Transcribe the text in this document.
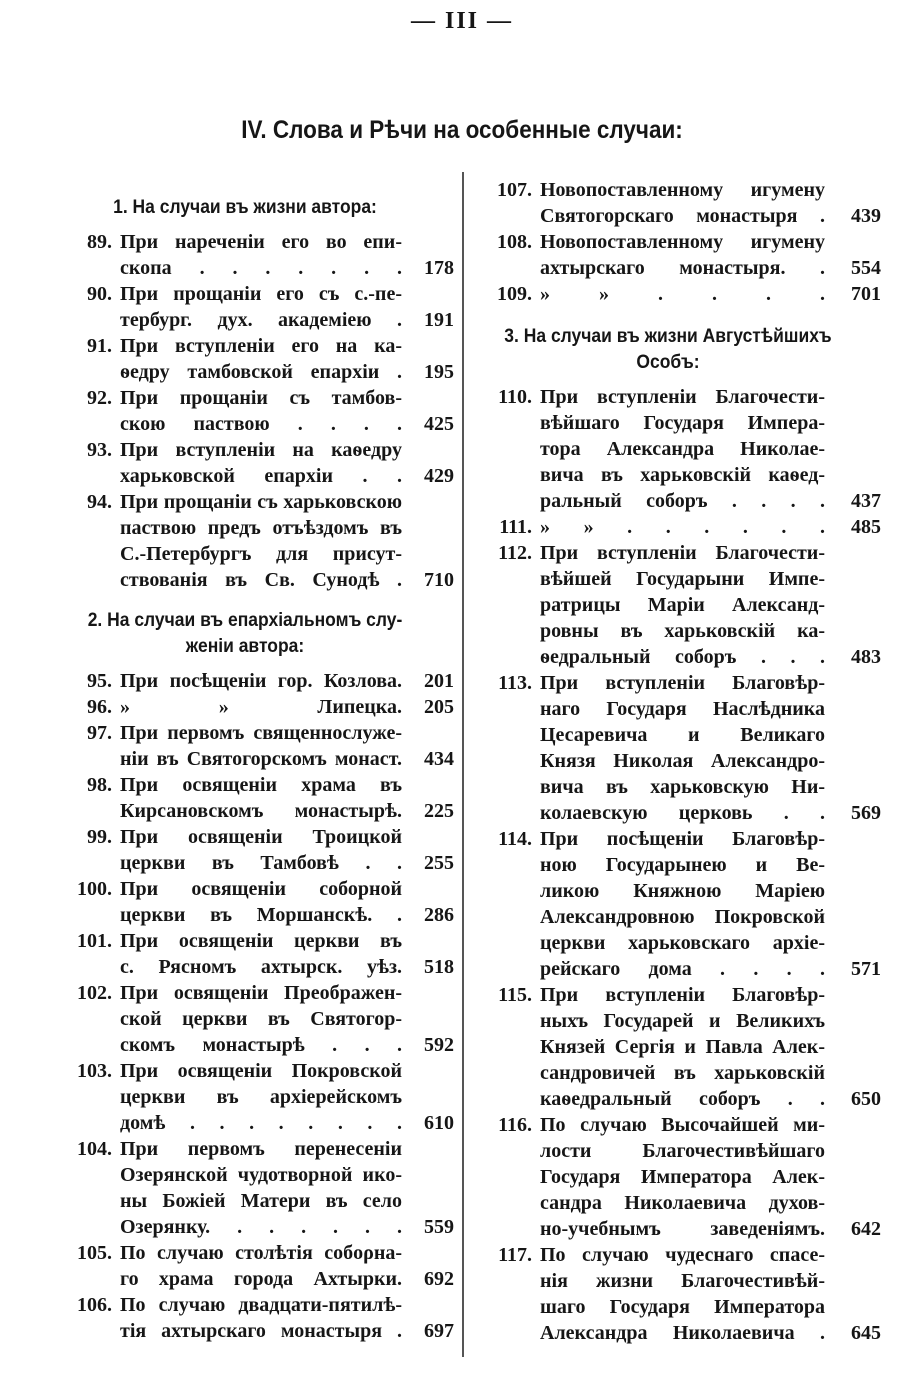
— III —
IV. Слова и Рѣчи на особенные случаи:
1. На случаи въ жизни автора:
89. При нареченіи его во епи-
скопа . . . . . . .	178
90. При прощаніи его съ с.-пе-
тербург. дух. академіею .	191
91. При вступленіи его на ка-
ѳедру тамбовской епархіи .	195
92. При прощаніи съ тамбов-
скою паствою . . . .	425
93. При вступленіи на каѳедру
харьковской епархіи . .	429
94. При прощаніи съ харьковскою
паствою предъ отъѣздомъ въ
С.-Петербургъ для присут-
ствованія въ Св. Сунодѣ .	710
2. На случаи въ епархіальномъ слу-
женіи автора:
95. При посѣщеніи гор. Козлова.	201
96. » » Липецка.	205
97. При первомъ священнослуже-
ніи въ Святогорскомъ монаст.	434
98. При освященіи храма въ
Кирсановскомъ монастырѣ.	225
99. При освященіи Троицкой
церкви въ Тамбовѣ . .	255
100. При освященіи соборной
церкви въ Моршанскѣ. .	286
101. При освященіи церкви въ
с. Рясномъ ахтырск. уѣз.	518
102. При освященіи Преображен-
ской церкви въ Святогор-
скомъ монастырѣ . . .	592
103. При освященіи Покровской
церкви въ архіерейскомъ
домѣ . . . . . . . .	610
104. При первомъ перенесеніи
Озерянской чудотворной ико-
ны Божіей Матери въ село
Озерянку. . . . . . .	559
105. По случаю столѣтія собορна-
го храма города Ахтырки.	692
106. По случаю двадцати-пятилѣ-
тія ахтырскаго монастыря .	697
107. Новопоставленному игумену
Святогорскаго монастыря .	439
108. Новопоставленному игумену
ахтырскаго монастыря. .	554
109. » » . . . .	701
3. На случаи въ жизни Августѣйшихъ
Особъ:
110. При вступленіи Благочести-
вѣйшаго Государя Импера-
тора Александра Николае-
вича въ харьковскій каѳед-
ральный соборъ . . . .	437
111. » » . . . . . .	485
112. При вступленіи Благочести-
вѣйшей Государыни Импе-
ратрицы Маріи Александ-
ровны въ харьковскій ка-
ѳедральный соборъ . . .	483
113. При вступленіи Благовѣр-
наго Государя Наслѣдника
Цесаревича и Великаго
Князя Николая Александро-
вича въ харьковскую Ни-
колаевскую церковь . .	569
114. При посѣщеніи Благовѣр-
ною Государынею и Ве-
ликою Княжною Маріею
Александровною Покровской
церкви харьковскаго архіе-
рейскаго дома . . . .	571
115. При вступленіи Благовѣр-
ныхъ Государей и Великихъ
Князей Сергія и Павла Алек-
сандровичей въ харьковскій
каѳедральный соборъ . .	650
116. По случаю Высочайшей ми-
лости Благочестивѣйшаго
Государя Императора Алек-
сандра Николаевича духов-
но-учебнымъ заведеніямъ.	642
117. По случаю чудеснаго спасе-
нія жизни Благочестивѣй-
шаго Государя Императора
Александра Николаевича .	645
